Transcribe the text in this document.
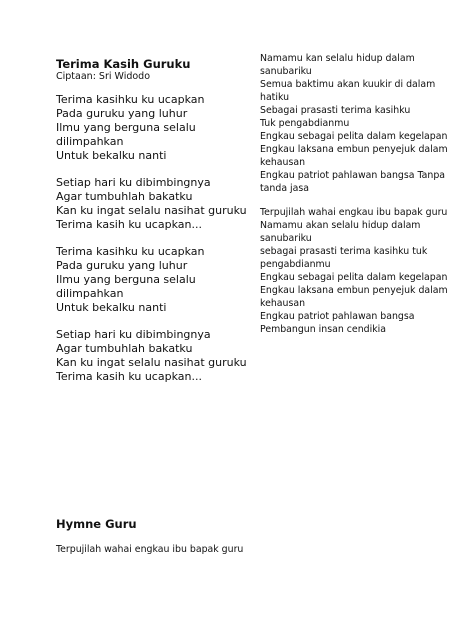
Terima Kasih Guruku

Ciptaan: Sri Widodo

Terima kasihku ku ucapkan
Pada guruku yang luhur
Ilmu yang berguna selalu
dilimpahkan
Untuk bekalku nanti
Setiap hari ku dibimbingnya
Agar tumbuhlah bakatku
Kan ku ingat selalu nasihat guruku
Terima kasih ku ucapkan...
Terima kasihku ku ucapkan
Pada guruku yang luhur
Ilmu yang berguna selalu
dilimpahkan
Untuk bekalku nanti
Setiap hari ku dibimbingnya
Agar tumbuhlah bakatku
Kan ku ingat selalu nasihat guruku
Terima kasih ku ucapkan...
Namamu kan selalu hidup dalam
sanubariku
Semua baktimu akan kuukir di dalam
hatiku
Sebagai prasasti terima kasihku
Tuk pengabdianmu
Engkau sebagai pelita dalam kegelapan
Engkau laksana embun penyejuk dalam
kehausan
Engkau patriot pahlawan bangsa Tanpa
tanda jasa
Terpujilah wahai engkau ibu bapak guru
Namamu akan selalu hidup dalam
sanubariku
sebagai prasasti terima kasihku tuk
pengabdianmu
Engkau sebagai pelita dalam kegelapan
Engkau laksana embun penyejuk dalam
kehausan
Engkau patriot pahlawan bangsa
Pembangun insan cendikia

Hymne Guru

Terpujilah wahai engkau ibu bapak guru
